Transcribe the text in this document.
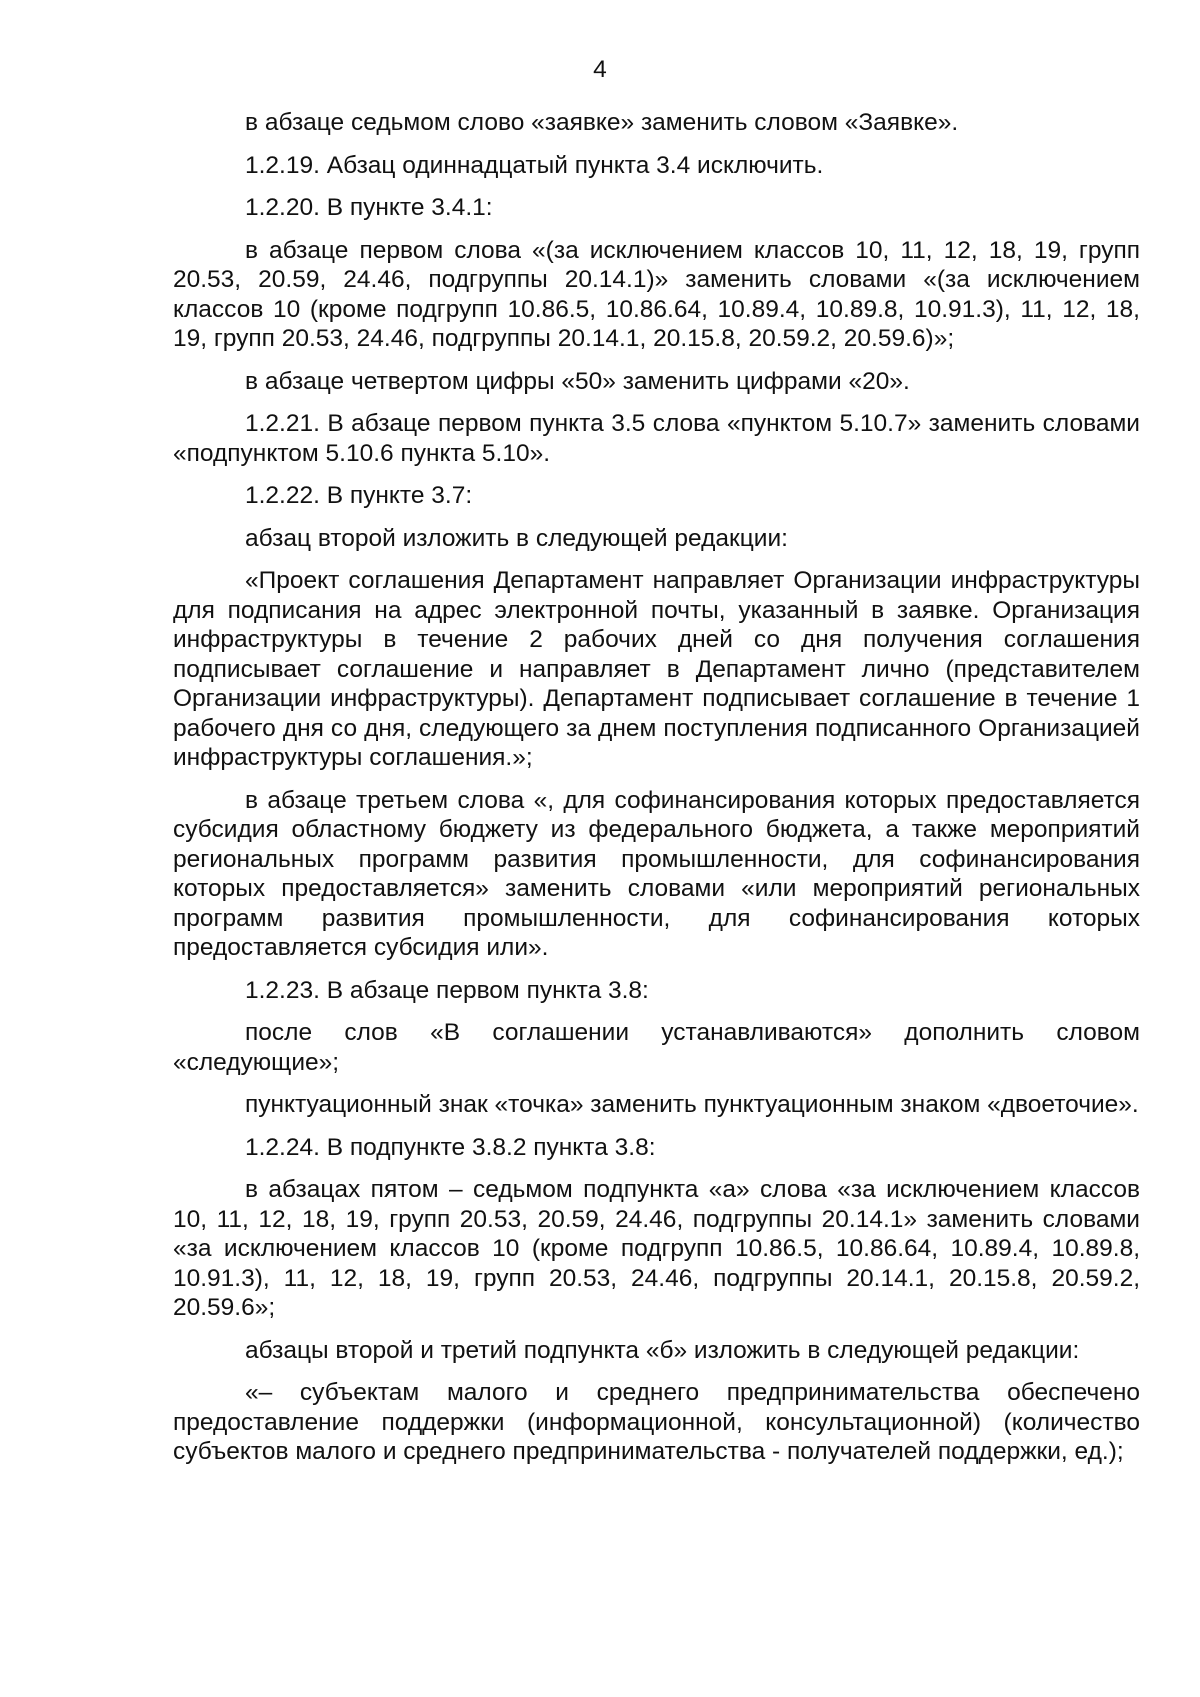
4

в абзаце седьмом слово «заявке» заменить словом «Заявке».

1.2.19. Абзац одиннадцатый пункта 3.4 исключить.

1.2.20. В пункте 3.4.1:

в абзаце первом слова «(за исключением классов 10, 11, 12, 18, 19, групп 20.53, 20.59, 24.46, подгруппы 20.14.1)» заменить словами «(за исключением классов 10 (кроме подгрупп 10.86.5, 10.86.64, 10.89.4, 10.89.8, 10.91.3), 11, 12, 18, 19, групп 20.53, 24.46, подгруппы 20.14.1, 20.15.8, 20.59.2, 20.59.6)»;

в абзаце четвертом цифры «50» заменить цифрами «20».

1.2.21. В абзаце первом пункта 3.5 слова «пунктом 5.10.7» заменить словами «подпунктом 5.10.6 пункта 5.10».

1.2.22. В пункте 3.7:

абзац второй изложить в следующей редакции:

«Проект соглашения Департамент направляет Организации инфраструктуры для подписания на адрес электронной почты, указанный в заявке. Организация инфраструктуры в течение 2 рабочих дней со дня получения соглашения подписывает соглашение и направляет в Департамент лично (представителем Организации инфраструктуры). Департамент подписывает соглашение в течение 1 рабочего дня со дня, следующего за днем поступления подписанного Организацией инфраструктуры соглашения.»;

в абзаце третьем слова «, для софинансирования которых предоставляется субсидия областному бюджету из федерального бюджета, а также мероприятий региональных программ развития промышленности, для софинансирования которых предоставляется» заменить словами «или мероприятий региональных программ развития промышленности, для софинансирования которых предоставляется субсидия или».

1.2.23. В абзаце первом пункта 3.8:

после слов «В соглашении устанавливаются» дополнить словом «следующие»;

пунктуационный знак «точка» заменить пунктуационным знаком «двоеточие».

1.2.24. В подпункте 3.8.2 пункта 3.8:

в абзацах пятом – седьмом подпункта «а» слова «за исключением классов 10, 11, 12, 18, 19, групп 20.53, 20.59, 24.46, подгруппы 20.14.1» заменить словами «за исключением классов 10 (кроме подгрупп 10.86.5, 10.86.64, 10.89.4, 10.89.8, 10.91.3), 11, 12, 18, 19, групп 20.53, 24.46, подгруппы 20.14.1, 20.15.8, 20.59.2, 20.59.6»;

абзацы второй и третий подпункта «б» изложить в следующей редакции:

«– субъектам малого и среднего предпринимательства обеспечено предоставление поддержки (информационной, консультационной) (количество субъектов малого и среднего предпринимательства - получателей поддержки, ед.);
